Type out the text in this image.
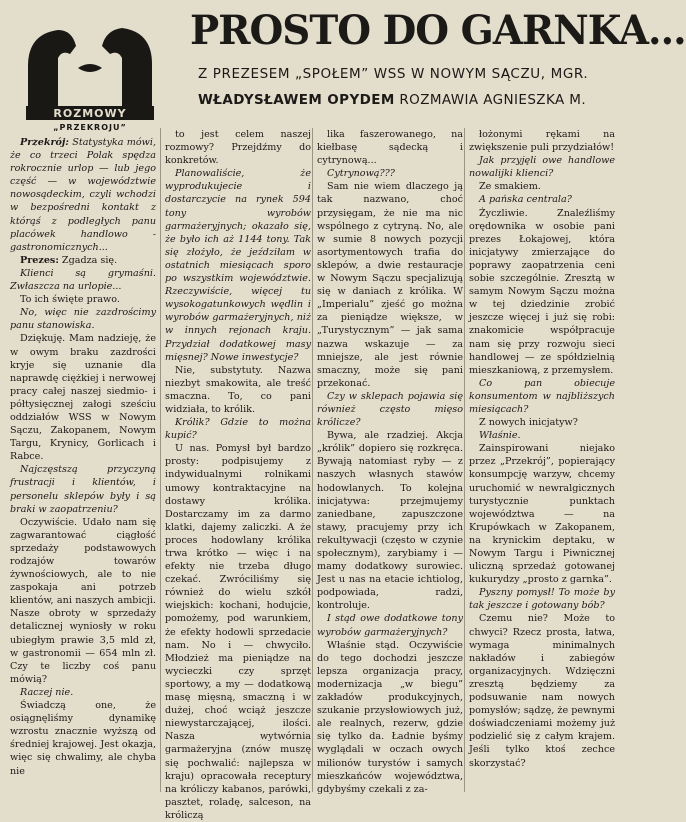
ROZMOWY
„PRZEKROJU”
PROSTO DO GARNKA...
Z PREZESEM „SPOŁEM” WSS W NOWYM SĄCZU, MGR.
WŁADYSŁAWEM OPYDEM ROZMAWIA AGNIESZKA M.

Przekrój: Statystyka mówi, że co trzeci Polak spędza rokrocznie urlop — lub jego część — w województwie nowosądeckim, czyli wchodzi w bezpośredni kontakt z którąś z podległych panu placówek handlowo - gastronomicznych...

Prezes: Zgadza się.

Klienci są grymaśni. Zwłaszcza na urlopie...

To ich święte prawo.

No, więc nie zazdrościmy panu stanowiska.

Dziękuję. Mam nadzieję, że w owym braku zazdrości kryje się uznanie dla naprawdę ciężkiej i nerwowej pracy całej naszej siedmio- i półtysięcznej załogi sześciu oddziałów WSS w Nowym Sączu, Zakopanem, Nowym Targu, Krynicy, Gorlicach i Rabce.

Najczęstszą przyczyną frustracji i klientów, i personelu sklepów były i są braki w zaopatrzeniu?

Oczywiście. Udało nam się zagwarantować ciągłość sprzedaży podstawowych rodzajów towarów żywnościowych, ale to nie zaspokaja ani potrzeb klientów, ani naszych ambicji. Nasze obroty w sprzedaży detalicznej wyniosły w roku ubiegłym prawie 3,5 mld zł, w gastronomii — 654 mln zł. Czy te liczby coś panu mówią?

Raczej nie.

Świadczą one, że osiągnęliśmy dynamikę wzrostu znacznie wyższą od średniej krajowej. Jest okazja, więc się chwalimy, ale chyba nie

to jest celem naszej rozmowy? Przejdźmy do konkretów.

Planowaliście, że wyprodukujecie i dostarczycie na rynek 594 tony wyrobów garmażeryjnych; okazało się, że było ich aż 1144 tony. Tak się złożyło, że jeździłam w ostatnich miesiącach sporo po wszystkim województwie. Rzeczywiście, więcej tu wysokogatunkowych wędlin i wyrobów garmażeryjnych, niż w innych rejonach kraju. Przydział dodatkowej masy mięsnej? Nowe inwestycje?

Nie, substytuty. Nazwa niezbyt smakowita, ale treść smaczna. To, co pani widziała, to królik.

Królik? Gdzie to można kupić?

U nas. Pomysł był bardzo prosty: podpisujemy z indywidualnymi rolnikami umowy kontraktacyjne na dostawy królika. Dostarczamy im za darmo klatki, dajemy zaliczki. A że proces hodowlany królika trwa krótko — więc i na efekty nie trzeba długo czekać. Zwróciliśmy się również do wielu szkół wiejskich: kochani, hodujcie, pomożemy, pod warunkiem, że efekty hodowli sprzedacie nam. No i — chwyciło. Młodzież ma pieniądze na wycieczki czy sprzęt sportowy, a my — dodatkową masę mięsną, smaczną i w dużej, choć wciąż jeszcze niewystarczającej, ilości. Nasza wytwórnia garmażeryjna (znów muszę się pochwalić: najlepsza w kraju) opracowała receptury na króliczy kabanos, parówki, pasztet, roladę, salceson, na króliczą

lika faszerowanego, na kiełbasę sądecką i cytrynową...

Cytrynową???

Sam nie wiem dlaczego ją tak nazwano, choć przysięgam, że nie ma nic wspólnego z cytryną. No, ale w sumie 8 nowych pozycji asortymentowych trafia do sklepów, a dwie restauracje w Nowym Sączu specjalizują się w daniach z królika. W „Imperialu” zjeść go można za pieniądze większe, w „Turystycznym” — jak sama nazwa wskazuje — za mniejsze, ale jest równie smaczny, może się pani przekonać.

Czy w sklepach pojawia się również często mięso królicze?

Bywa, ale rzadziej. Akcja „królik” dopiero się rozkręca. Bywają natomiast ryby — z naszych własnych stawów hodowlanych. To kolejna inicjatywa: przejmujemy zaniedbane, zapuszczone stawy, pracujemy przy ich rekultywacji (często w czynie społecznym), zarybiamy i — mamy dodatkowy surowiec. Jest u nas na etacie ichtiolog, podpowiada, radzi, kontroluje.

I stąd owe dodatkowe tony wyrobów garmażeryjnych?

Właśnie stąd. Oczywiście do tego dochodzi jeszcze lepsza organizacja pracy, modernizacja „w biegu” zakładów produkcyjnych, szukanie przysłowiowych już, ale realnych, rezerw, gdzie się tylko da. Ładnie byśmy wyglądali w oczach owych milionów turystów i samych mieszkańców województwa, gdybyśmy czekali z za-

łożonymi rękami na zwiększenie puli przydziałów!

Jak przyjęli owe handlowe nowalijki klienci?

Ze smakiem.

A pańska centrala?

Życzliwie. Znaleźliśmy orędownika w osobie pani prezes Łokajowej, która inicjatywy zmierzające do poprawy zaopatrzenia ceni sobie szczególnie. Zresztą w samym Nowym Sączu można w tej dziedzinie zrobić jeszcze więcej i już się robi: znakomicie współpracuje nam się przy rozwoju sieci handlowej — ze spółdzielnią mieszkaniową, z przemysłem.

Co pan obiecuje konsumentom w najbliższych miesiącach?

Z nowych inicjatyw?

Właśnie.

Zainspirowani niejako przez „Przekrój”, popierający konsumpcję warzyw, chcemy uruchomić w newralgicznych turystycznie punktach województwa — na Krupówkach w Zakopanem, na krynickim deptaku, w Nowym Targu i Piwnicznej uliczną sprzedaż gotowanej kukurydzy „prosto z garnka”.

Pyszny pomysł! To może by tak jeszcze i gotowany bób?

Czemu nie? Może to chwyci? Rzecz prosta, łatwa, wymaga minimalnych nakładów i zabiegów organizacyjnych. Wdzięczni zresztą będziemy za podsuwanie nam nowych pomysłów; sądzę, że pewnymi doświadczeniami możemy już podzielić się z całym krajem. Jeśli tylko ktoś zechce skorzystać?
